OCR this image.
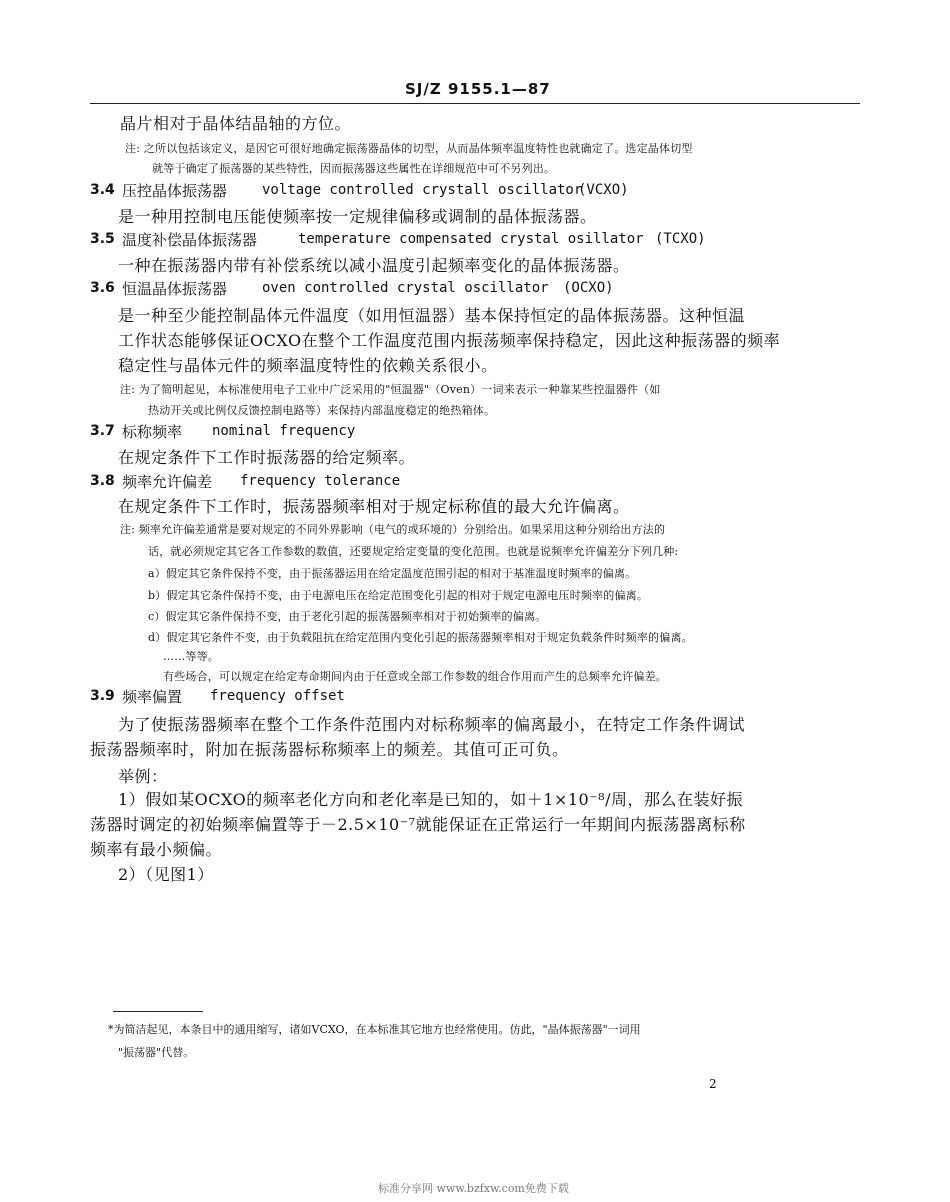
SJ/Z 9155.1—87
晶片相对于晶体结晶轴的方位。
注: 之所以包括该定义，是因它可很好地确定振荡器晶体的切型，从而晶体频率温度特性也就确定了。选定晶体切型
就等于确定了振荡器的某些特性，因而振荡器这些属性在详细规范中可不另列出。
3.4 压控晶体振荡器 voltage controlled crystall oscillator
(VCXO)
是一种用控制电压能使频率按一定规律偏移或调制的晶体振荡器。
3.5 温度补偿晶体振荡器	temperature compensated crystal osillator (TCXO)
一种在振荡器内带有补偿系统以减小温度引起频率变化的晶体振荡器。
3.6 恒温晶体振荡器 oven controlled crystal oscillator (OCXO)
是一种至少能控制晶体元件温度（如用恒温器）基本保持恒定的晶体振荡器。这种恒温
工作状态能够保证OCXO在整个工作温度范围内振荡频率保持稳定，因此这种振荡器的频率
稳定性与晶体元件的频率温度特性的依赖关系很小。
注: 为了简明起见，本标准使用电子工业中广泛采用的"恒温器"（Oven）一词来表示一种靠某些控温器件（如
热动开关或比例仅反馈控制电路等）来保持内部温度稳定的绝热箱体。
3.7 标称频率 nominal frequency
在规定条件下工作时振荡器的给定频率。
3.8 频率允许偏差 frequency tolerance
在规定条件下工作时，振荡器频率相对于规定标称值的最大允许偏离。
注: 频率允许偏差通常是要对规定的不同外界影响（电气的或环境的）分别给出。如果采用这种分别给出方法的
话，就必须规定其它各工作参数的数值，还要规定给定变量的变化范围。也就是说频率允许偏差分下列几种:
a）假定其它条件保持不变，由于振荡器运用在给定温度范围引起的相对于基准温度时频率的偏离。
b）假定其它条件保持不变，由于电源电压在给定范围变化引起的相对于规定电源电压时频率的偏离。
c）假定其它条件保持不变，由于老化引起的振荡器频率相对于初始频率的偏离。
d）假定其它条件不变，由于负载阻抗在给定范围内变化引起的振荡器频率相对于规定负载条件时频率的偏离。
……等等。
有些场合，可以规定在给定寿命期间内由于任意或全部工作参数的组合作用而产生的总频率允许偏差。
3.9 频率偏置 frequency offset
为了使振荡器频率在整个工作条件范围内对标称频率的偏离最小，在特定工作条件调试
振荡器频率时，附加在振荡器标称频率上的频差。其值可正可负。
举例：
1）假如某OCXO的频率老化方向和老化率是已知的，如＋1×10⁻⁸/周，那么在装好振
荡器时调定的初始频率偏置等于－2.5×10⁻⁷就能保证在正常运行一年期间内振荡器离标称
频率有最小频偏。
2）（见图1）
*为简洁起见，本条目中的通用缩写，诸如VCXO，在本标准其它地方也经常使用。仿此，"晶体振荡器"一词用
"振荡器"代替。
2
标准分享网 www.bzfxw.com免费下载
